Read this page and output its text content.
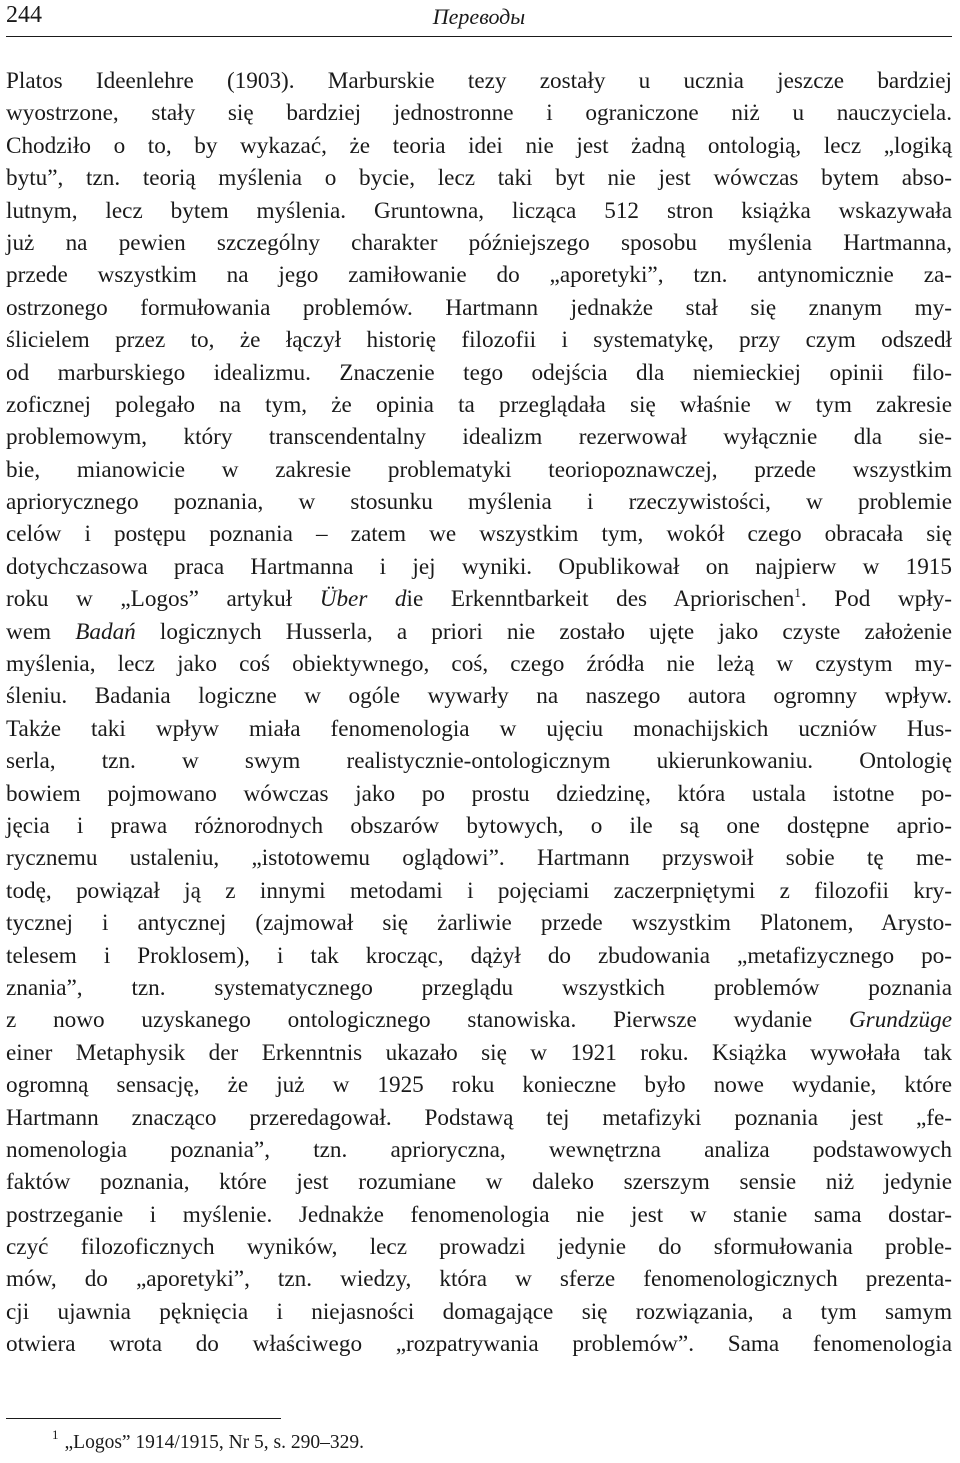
244	Переводы
Platos Ideenlehre (1903). Marburskie tezy zostały u ucznia jeszcze bardziej
wyostrzone, stały się bardziej jednostronne i ograniczone niż u nauczyciela.
Chodziło o to, by wykazać, że teoria idei nie jest żadną ontologią, lecz „logiką
bytu”, tzn. teorią myślenia o bycie, lecz taki byt nie jest wówczas bytem abso-
lutnym, lecz bytem myślenia. Gruntowna, licząca 512 stron książka wskazywała
już na pewien szczególny charakter późniejszego sposobu myślenia Hartmanna,
przede wszystkim na jego zamiłowanie do „aporetyki”, tzn. antynomicznie za-
ostrzonego formułowania problemów. Hartmann jednakże stał się znanym my-
ślicielem przez to, że łączył historię filozofii i systematykę, przy czym odszedł
od marburskiego idealizmu. Znaczenie tego odejścia dla niemieckiej opinii filo-
zoficznej polegało na tym, że opinia ta przeglądała się właśnie w tym zakresie
problemowym, który transcendentalny idealizm rezerwował wyłącznie dla sie-
bie, mianowicie w zakresie problematyki teoriopoznawczej, przede wszystkim
apriorycznego poznania, w stosunku myślenia i rzeczywistości, w problemie
celów i postępu poznania – zatem we wszystkim tym, wokół czego obracała się
dotychczasowa praca Hartmanna i jej wyniki. Opublikował on najpierw w 1915
roku w „Logos” artykuł Über die Erkenntbarkeit des Apriorischen$^1$. Pod wpły-
wem Badań logicznych Husserla, a priori nie zostało ujęte jako czyste założenie
myślenia, lecz jako coś obiektywnego, coś, czego źródła nie leżą w czystym my-
śleniu. Badania logiczne w ogóle wywarły na naszego autora ogromny wpływ.
Także taki wpływ miała fenomenologia w ujęciu monachijskich uczniów Hus-
serla, tzn. w swym realistycznie-ontologicznym ukierunkowaniu. Ontologię
bowiem pojmowano wówczas jako po prostu dziedzinę, która ustala istotne po-
jęcia i prawa różnorodnych obszarów bytowych, o ile są one dostępne aprio-
rycznemu ustaleniu, „istotowemu oglądowi”. Hartmann przyswoił sobie tę me-
todę, powiązał ją z innymi metodami i pojęciami zaczerpniętymi z filozofii kry-
tycznej i antycznej (zajmował się żarliwie przede wszystkim Platonem, Arysto-
telesem i Proklosem), i tak krocząc, dążył do zbudowania „metafizycznego po-
znania”, tzn. systematycznego przeglądu wszystkich problemów poznania
z nowo uzyskanego ontologicznego stanowiska. Pierwsze wydanie Grundzüge
einer Metaphysik der Erkenntnis ukazało się w 1921 roku. Książka wywołała tak
ogromną sensację, że już w 1925 roku konieczne było nowe wydanie, które
Hartmann znacząco przeredagował. Podstawą tej metafizyki poznania jest „fe-
nomenologia poznania”, tzn. aprioryczna, wewnętrzna analiza podstawowych
faktów poznania, które jest rozumiane w daleko szerszym sensie niż jedynie
postrzeganie i myślenie. Jednakże fenomenologia nie jest w stanie sama dostar-
czyć filozoficznych wyników, lecz prowadzi jedynie do sformułowania proble-
mów, do „aporetyki”, tzn. wiedzy, która w sferze fenomenologicznych prezenta-
cji ujawnia pęknięcia i niejasności domagające się rozwiązania, a tym samym
otwiera wrota do właściwego „rozpatrywania problemów”. Sama fenomenologia
$^1$ „Logos” 1914/1915, Nr 5, s. 290–329.
